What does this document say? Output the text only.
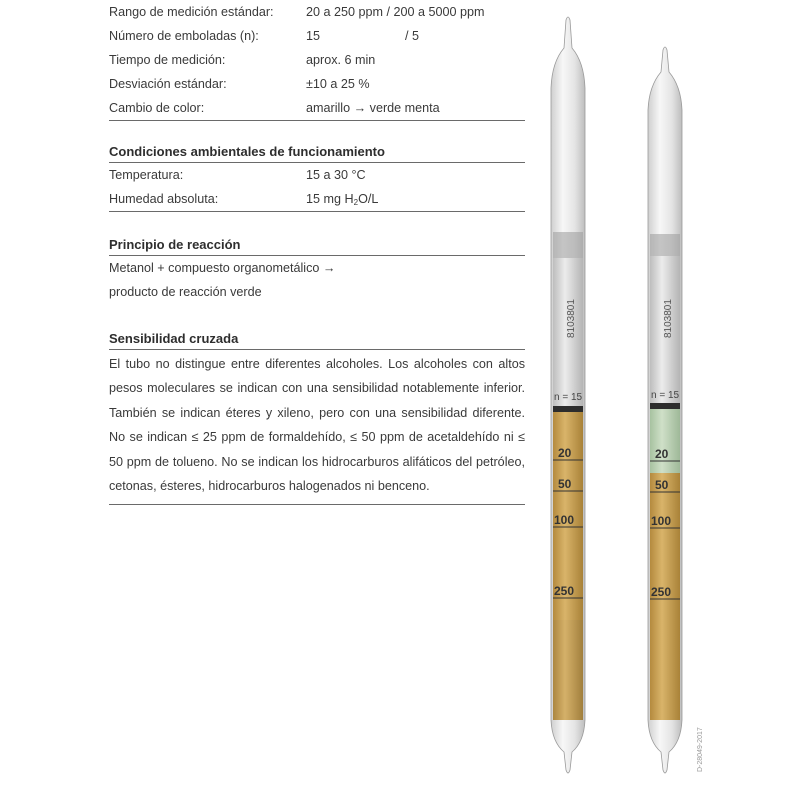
Rango de medición estándar:	20 a 250 ppm / 200 a 5000 ppm
Número de emboladas (n):	15	/ 5
Tiempo de medición:	aprox. 6 min
Desviación estándar:	±10 a 25 %
Cambio de color:	amarillo → verde menta
Condiciones ambientales de funcionamiento
Temperatura:	15 a 30 °C
Humedad absoluta:	15 mg $H_2O/L$
Principio de reacción
Metanol + compuesto organometálico →
producto de reacción verde
Sensibilidad cruzada
El tubo no distingue entre diferentes alcoholes. Los alcoholes con altos pesos moleculares se indican con una sensibilidad notablemente inferior. También se indican éteres y xileno, pero con una sensibilidad diferente. No se indican ≤ 25 ppm de formaldehído, ≤ 50 ppm de acetaldehído ni ≤ 50 ppm de tolueno. No se indican los hidrocarburos alifáticos del petróleo, cetonas, ésteres, hidrocarburos halogenados ni benceno.
8103801
n = 15
20
50
100
250
8103801
n = 15
20
50
100
250
D-28049-2017
